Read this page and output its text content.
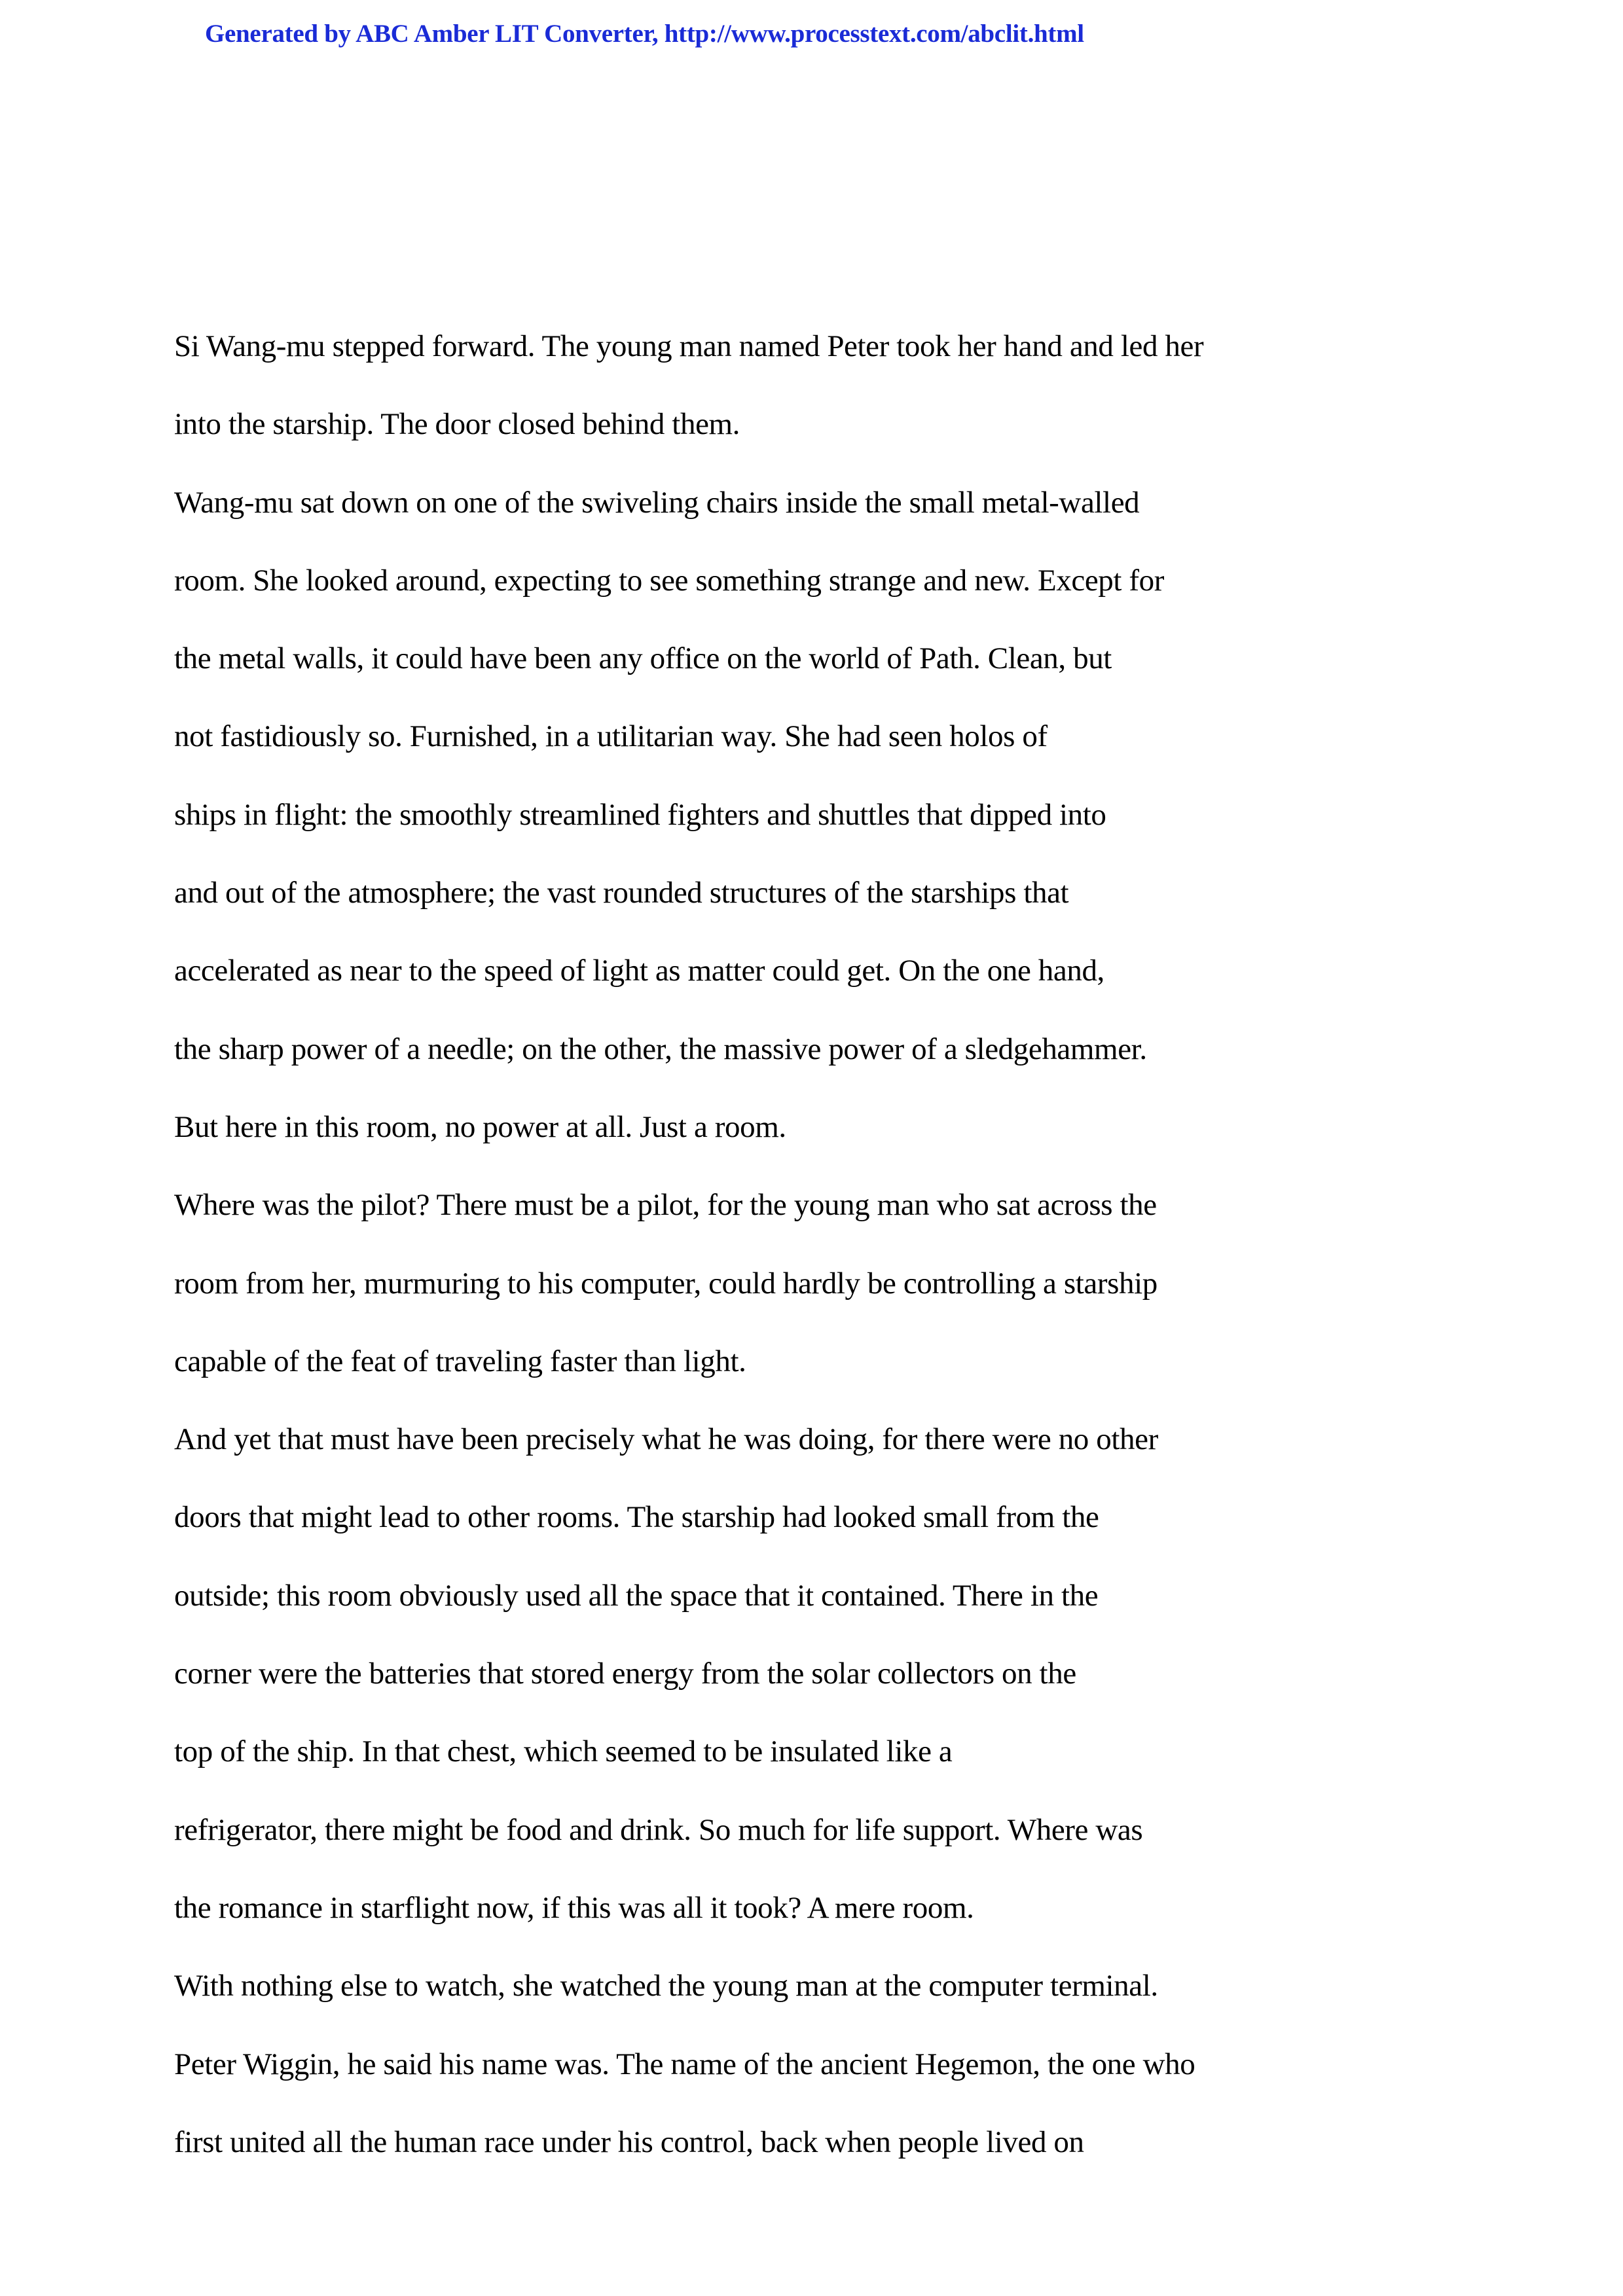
Generated by ABC Amber LIT Converter, http://www.processtext.com/abclit.html
Si Wang-mu stepped forward. The young man named Peter took her hand and led her
into the starship. The door closed behind them.
Wang-mu sat down on one of the swiveling chairs inside the small metal-walled
room. She looked around, expecting to see something strange and new. Except for
the metal walls, it could have been any office on the world of Path. Clean, but
not fastidiously so. Furnished, in a utilitarian way. She had seen holos of
ships in flight: the smoothly streamlined fighters and shuttles that dipped into
and out of the atmosphere; the vast rounded structures of the starships that
accelerated as near to the speed of light as matter could get. On the one hand,
the sharp power of a needle; on the other, the massive power of a sledgehammer.
But here in this room, no power at all. Just a room.
Where was the pilot? There must be a pilot, for the young man who sat across the
room from her, murmuring to his computer, could hardly be controlling a starship
capable of the feat of traveling faster than light.
And yet that must have been precisely what he was doing, for there were no other
doors that might lead to other rooms. The starship had looked small from the
outside; this room obviously used all the space that it contained. There in the
corner were the batteries that stored energy from the solar collectors on the
top of the ship. In that chest, which seemed to be insulated like a
refrigerator, there might be food and drink. So much for life support. Where was
the romance in starflight now, if this was all it took? A mere room.
With nothing else to watch, she watched the young man at the computer terminal.
Peter Wiggin, he said his name was. The name of the ancient Hegemon, the one who
first united all the human race under his control, back when people lived on
